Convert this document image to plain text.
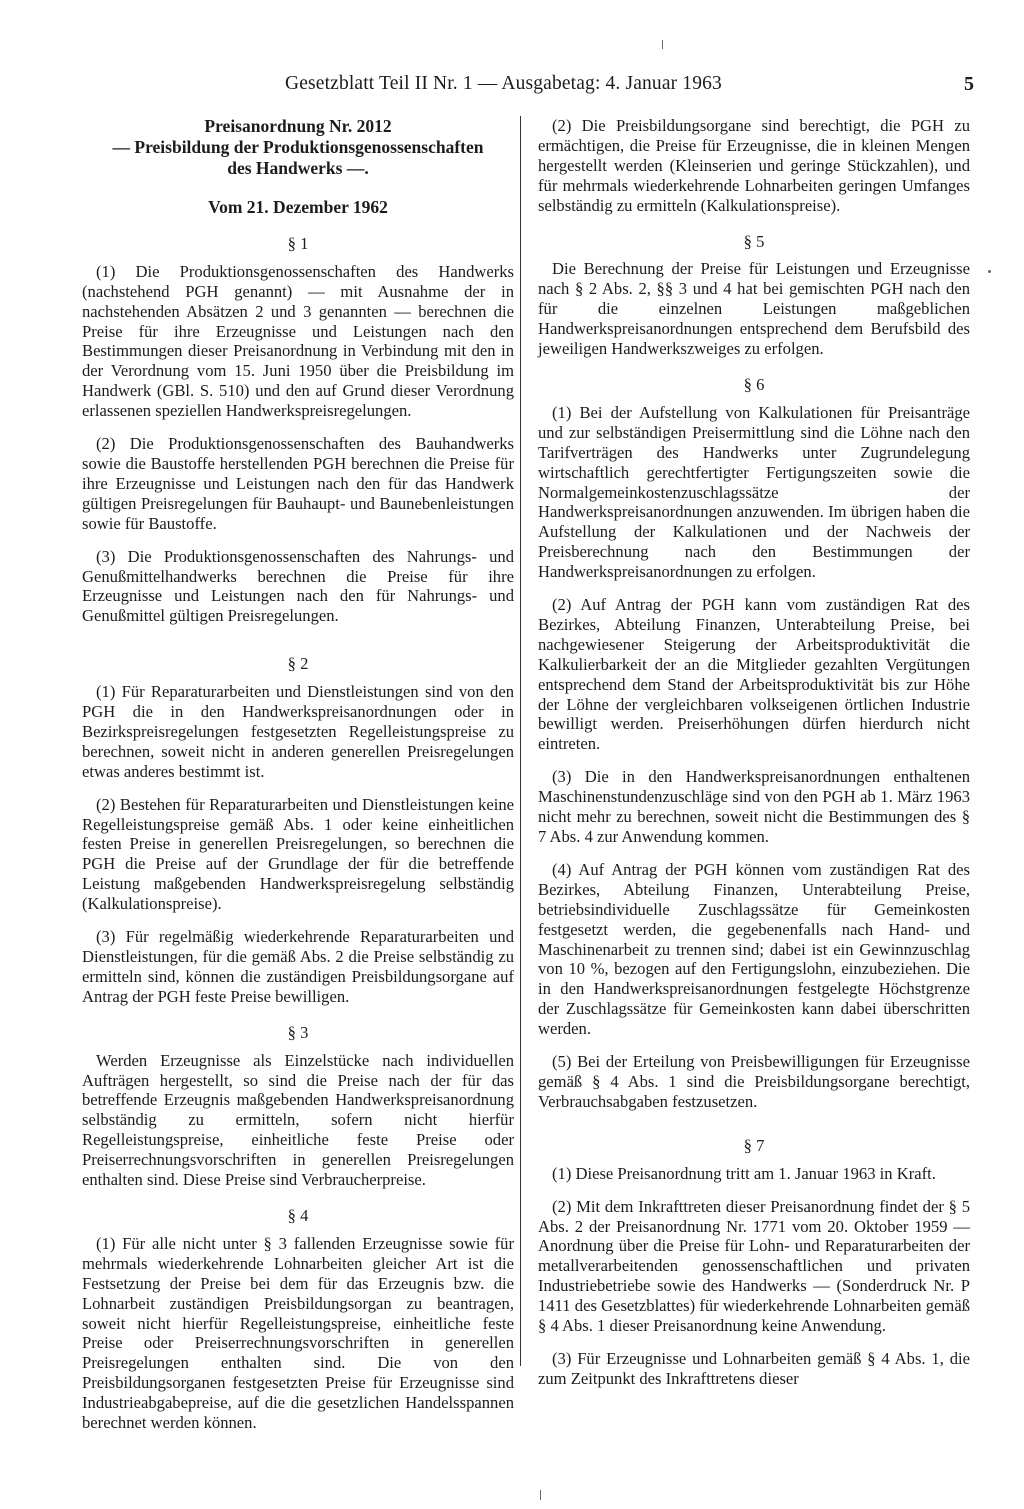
Gesetzblatt Teil II Nr. 1 — Ausgabetag: 4. Januar 1963	5

Preisanordnung Nr. 2012

— Preisbildung der Produktionsgenossenschaften

des Handwerks —.

Vom 21. Dezember 1962

§ 1

(1) Die Produktionsgenossenschaften des Handwerks (nachstehend PGH genannt) — mit Ausnahme der in nachstehenden Absätzen 2 und 3 genannten — berechnen die Preise für ihre Erzeugnisse und Leistungen nach den Bestimmungen dieser Preisanordnung in Verbindung mit den in der Verordnung vom 15. Juni 1950 über die Preisbildung im Handwerk (GBl. S. 510) und den auf Grund dieser Verordnung erlassenen speziellen Handwerkspreisregelungen.

(2) Die Produktionsgenossenschaften des Bauhandwerks sowie die Baustoffe herstellenden PGH berechnen die Preise für ihre Erzeugnisse und Leistungen nach den für das Handwerk gültigen Preisregelungen für Bauhaupt- und Baunebenleistungen sowie für Baustoffe.

(3) Die Produktionsgenossenschaften des Nahrungs- und Genußmittelhandwerks berechnen die Preise für ihre Erzeugnisse und Leistungen nach den für Nahrungs- und Genußmittel gültigen Preisregelungen.

§ 2

(1) Für Reparaturarbeiten und Dienstleistungen sind von den PGH die in den Handwerkspreisanordnungen oder in Bezirkspreisregelungen festgesetzten Regelleistungspreise zu berechnen, soweit nicht in anderen generellen Preisregelungen etwas anderes bestimmt ist.

(2) Bestehen für Reparaturarbeiten und Dienstleistungen keine Regelleistungspreise gemäß Abs. 1 oder keine einheitlichen festen Preise in generellen Preisregelungen, so berechnen die PGH die Preise auf der Grundlage der für die betreffende Leistung maßgebenden Handwerkspreisregelung selbständig (Kalkulationspreise).

(3) Für regelmäßig wiederkehrende Reparaturarbeiten und Dienstleistungen, für die gemäß Abs. 2 die Preise selbständig zu ermitteln sind, können die zuständigen Preisbildungsorgane auf Antrag der PGH feste Preise bewilligen.

§ 3

Werden Erzeugnisse als Einzelstücke nach individuellen Aufträgen hergestellt, so sind die Preise nach der für das betreffende Erzeugnis maßgebenden Handwerkspreisanordnung selbständig zu ermitteln, sofern nicht hierfür Regelleistungspreise, einheitliche feste Preise oder Preiserrechnungsvorschriften in generellen Preisregelungen enthalten sind. Diese Preise sind Verbraucherpreise.

§ 4

(1) Für alle nicht unter § 3 fallenden Erzeugnisse sowie für mehrmals wiederkehrende Lohnarbeiten gleicher Art ist die Festsetzung der Preise bei dem für das Erzeugnis bzw. die Lohnarbeit zuständigen Preisbildungsorgan zu beantragen, soweit nicht hierfür Regelleistungspreise, einheitliche feste Preise oder Preiserrechnungsvorschriften in generellen Preisregelungen enthalten sind. Die von den Preisbildungsorganen festgesetzten Preise für Erzeugnisse sind Industrieabgabepreise, auf die die gesetzlichen Handelsspannen berechnet werden können.

(2) Die Preisbildungsorgane sind berechtigt, die PGH zu ermächtigen, die Preise für Erzeugnisse, die in kleinen Mengen hergestellt werden (Kleinserien und geringe Stückzahlen), und für mehrmals wiederkehrende Lohnarbeiten geringen Umfanges selbständig zu ermitteln (Kalkulationspreise).

§ 5

Die Berechnung der Preise für Leistungen und Erzeugnisse nach § 2 Abs. 2, §§ 3 und 4 hat bei gemischten PGH nach den für die einzelnen Leistungen maßgeblichen Handwerkspreisanordnungen entsprechend dem Berufsbild des jeweiligen Handwerkszweiges zu erfolgen.

§ 6

(1) Bei der Aufstellung von Kalkulationen für Preisanträge und zur selbständigen Preisermittlung sind die Löhne nach den Tarifverträgen des Handwerks unter Zugrundelegung wirtschaftlich gerechtfertigter Fertigungszeiten sowie die Normalgemeinkostenzuschlagssätze der Handwerkspreisanordnungen anzuwenden. Im übrigen haben die Aufstellung der Kalkulationen und der Nachweis der Preisberechnung nach den Bestimmungen der Handwerkspreisanordnungen zu erfolgen.

(2) Auf Antrag der PGH kann vom zuständigen Rat des Bezirkes, Abteilung Finanzen, Unterabteilung Preise, bei nachgewiesener Steigerung der Arbeitsproduktivität die Kalkulierbarkeit der an die Mitglieder gezahlten Vergütungen entsprechend dem Stand der Arbeitsproduktivität bis zur Höhe der Löhne der vergleichbaren volkseigenen örtlichen Industrie bewilligt werden. Preiserhöhungen dürfen hierdurch nicht eintreten.

(3) Die in den Handwerkspreisanordnungen enthaltenen Maschinenstundenzuschläge sind von den PGH ab 1. März 1963 nicht mehr zu berechnen, soweit nicht die Bestimmungen des § 7 Abs. 4 zur Anwendung kommen.

(4) Auf Antrag der PGH können vom zuständigen Rat des Bezirkes, Abteilung Finanzen, Unterabteilung Preise, betriebsindividuelle Zuschlagssätze für Gemeinkosten festgesetzt werden, die gegebenenfalls nach Hand- und Maschinenarbeit zu trennen sind; dabei ist ein Gewinnzuschlag von 10 %, bezogen auf den Fertigungslohn, einzubeziehen. Die in den Handwerkspreisanordnungen festgelegte Höchstgrenze der Zuschlagssätze für Gemeinkosten kann dabei überschritten werden.

(5) Bei der Erteilung von Preisbewilligungen für Erzeugnisse gemäß § 4 Abs. 1 sind die Preisbildungsorgane berechtigt, Verbrauchsabgaben festzusetzen.

§ 7

(1) Diese Preisanordnung tritt am 1. Januar 1963 in Kraft.

(2) Mit dem Inkrafttreten dieser Preisanordnung findet der § 5 Abs. 2 der Preisanordnung Nr. 1771 vom 20. Oktober 1959 — Anordnung über die Preise für Lohn- und Reparaturarbeiten der metallverarbeitenden genossenschaftlichen und privaten Industriebetriebe sowie des Handwerks — (Sonderdruck Nr. P 1411 des Gesetzblattes) für wiederkehrende Lohnarbeiten gemäß § 4 Abs. 1 dieser Preisanordnung keine Anwendung.

(3) Für Erzeugnisse und Lohnarbeiten gemäß § 4 Abs. 1, die zum Zeitpunkt des Inkrafttretens dieser
